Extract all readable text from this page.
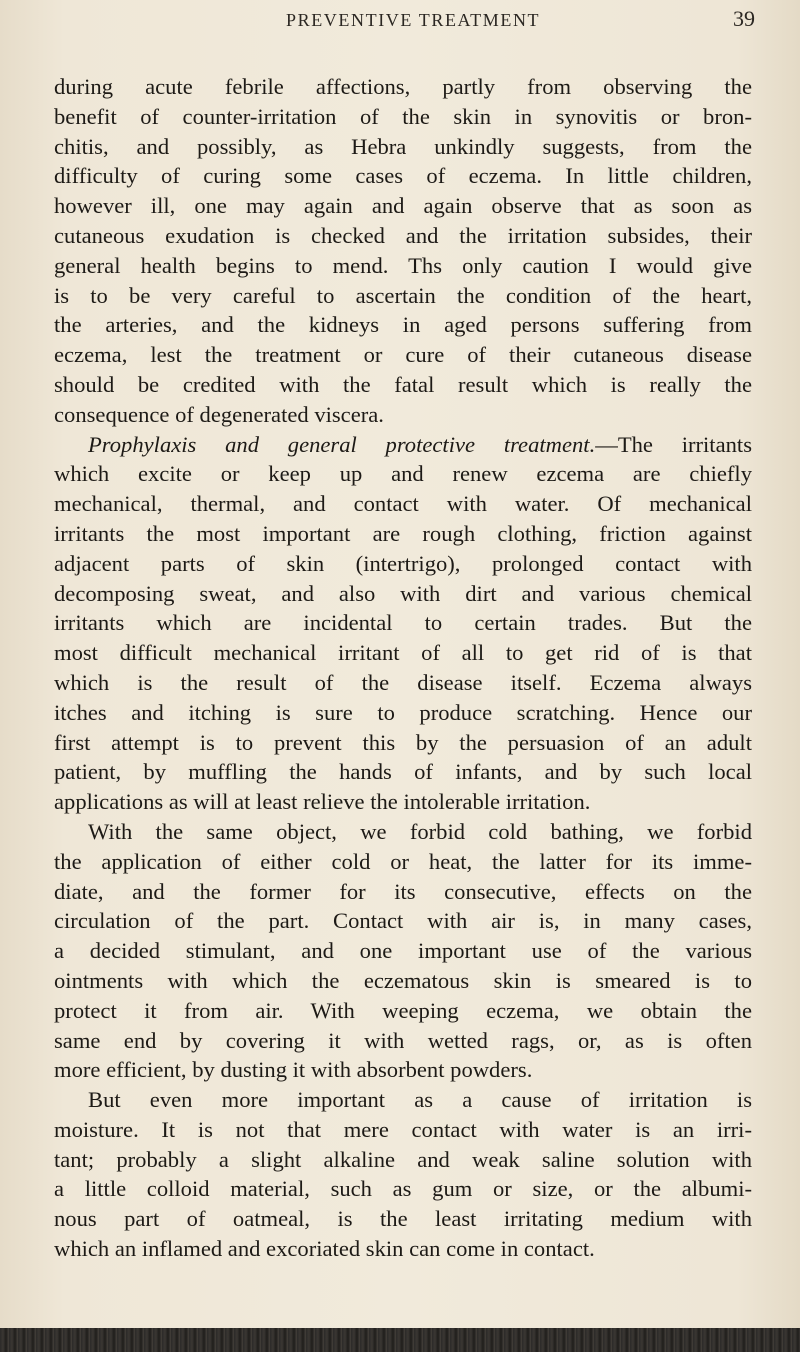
PREVENTIVE TREATMENT	39
during acute febrile affections, partly from observing the
benefit of counter-irritation of the skin in synovitis or bron-
chitis, and possibly, as Hebra unkindly suggests, from the
difficulty of curing some cases of eczema. In little children,
however ill, one may again and again observe that as soon as
cutaneous exudation is checked and the irritation subsides, their
general health begins to mend. Ths only caution I would give
is to be very careful to ascertain the condition of the heart,
the arteries, and the kidneys in aged persons suffering from
eczema, lest the treatment or cure of their cutaneous disease
should be credited with the fatal result which is really the
consequence of degenerated viscera.
Prophylaxis and general protective treatment.—The irritants
which excite or keep up and renew ezcema are chiefly
mechanical, thermal, and contact with water. Of mechanical
irritants the most important are rough clothing, friction against
adjacent parts of skin (intertrigo), prolonged contact with
decomposing sweat, and also with dirt and various chemical
irritants which are incidental to certain trades. But the
most difficult mechanical irritant of all to get rid of is that
which is the result of the disease itself. Eczema always
itches and itching is sure to produce scratching. Hence our
first attempt is to prevent this by the persuasion of an adult
patient, by muffling the hands of infants, and by such local
applications as will at least relieve the intolerable irritation.
With the same object, we forbid cold bathing, we forbid
the application of either cold or heat, the latter for its imme-
diate, and the former for its consecutive, effects on the
circulation of the part. Contact with air is, in many cases,
a decided stimulant, and one important use of the various
ointments with which the eczematous skin is smeared is to
protect it from air. With weeping eczema, we obtain the
same end by covering it with wetted rags, or, as is often
more efficient, by dusting it with absorbent powders.
But even more important as a cause of irritation is
moisture. It is not that mere contact with water is an irri-
tant; probably a slight alkaline and weak saline solution with
a little colloid material, such as gum or size, or the albumi-
nous part of oatmeal, is the least irritating medium with
which an inflamed and excoriated skin can come in contact.
